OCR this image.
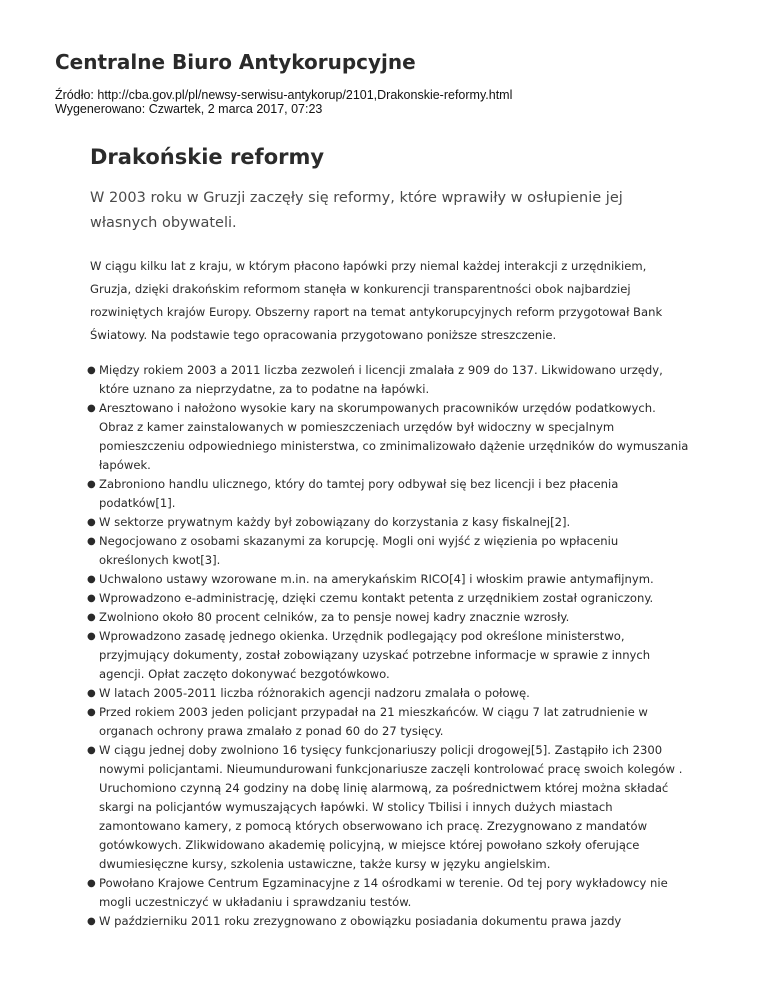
Centralne Biuro Antykorupcyjne
Źródło: http://cba.gov.pl/pl/newsy-serwisu-antykorup/2101,Drakonskie-reformy.html
Wygenerowano: Czwartek, 2 marca 2017, 07:23
Drakońskie reformy

W 2003 roku w Gruzji zaczęły się reformy, które wprawiły w osłupienie jej własnych obywateli.

W ciągu kilku lat z kraju, w którym płacono łapówki przy niemal każdej interakcji z urzędnikiem, Gruzja, dzięki drakońskim reformom stanęła w konkurencji transparentności obok najbardziej rozwiniętych krajów Europy. Obszerny raport na temat antykorupcyjnych reform przygotował Bank Światowy. Na podstawie tego opracowania przygotowano poniższe streszczenie.

● Między rokiem 2003 a 2011 liczba zezwoleń i licencji zmalała z 909 do 137. Likwidowano urzędy, które uznano za nieprzydatne, za to podatne na łapówki.
● Aresztowano i nałożono wysokie kary na skorumpowanych pracowników urzędów podatkowych. Obraz z kamer zainstalowanych w pomieszczeniach urzędów był widoczny w specjalnym pomieszczeniu odpowiedniego ministerstwa, co zminimalizowało dążenie urzędników do wymuszania łapówek.
● Zabroniono handlu ulicznego, który do tamtej pory odbywał się bez licencji i bez płacenia podatków[1].
● W sektorze prywatnym każdy był zobowiązany do korzystania z kasy fiskalnej[2].
● Negocjowano z osobami skazanymi za korupcję. Mogli oni wyjść z więzienia po wpłaceniu określonych kwot[3].
● Uchwalono ustawy wzorowane m.in. na amerykańskim RICO[4] i włoskim prawie antymafijnym.
● Wprowadzono e-administrację, dzięki czemu kontakt petenta z urzędnikiem został ograniczony.
● Zwolniono około 80 procent celników, za to pensje nowej kadry znacznie wzrosły.
● Wprowadzono zasadę jednego okienka. Urzędnik podlegający pod określone ministerstwo, przyjmujący dokumenty, został zobowiązany uzyskać potrzebne informacje w sprawie z innych agencji. Opłat zaczęto dokonywać bezgotówkowo.
● W latach 2005-2011 liczba różnorakich agencji nadzoru zmalała o połowę.
● Przed rokiem 2003 jeden policjant przypadał na 21 mieszkańców. W ciągu 7 lat zatrudnienie w organach ochrony prawa zmalało z ponad 60 do 27 tysięcy.
● W ciągu jednej doby zwolniono 16 tysięcy funkcjonariuszy policji drogowej[5]. Zastąpiło ich 2300 nowymi policjantami. Nieumundurowani funkcjonariusze zaczęli kontrolować pracę swoich kolegów . Uruchomiono czynną 24 godziny na dobę linię alarmową, za pośrednictwem której można składać skargi na policjantów wymuszających łapówki. W stolicy Tbilisi i innych dużych miastach zamontowano kamery, z pomocą których obserwowano ich pracę. Zrezygnowano z mandatów gotówkowych. Zlikwidowano akademię policyjną, w miejsce której powołano szkoły oferujące dwumiesięczne kursy, szkolenia ustawiczne, także kursy w języku angielskim.
● Powołano Krajowe Centrum Egzaminacyjne z 14 ośrodkami w terenie. Od tej pory wykładowcy nie mogli uczestniczyć w układaniu i sprawdzaniu testów.
● W październiku 2011 roku zrezygnowano z obowiązku posiadania dokumentu prawa jazdy
